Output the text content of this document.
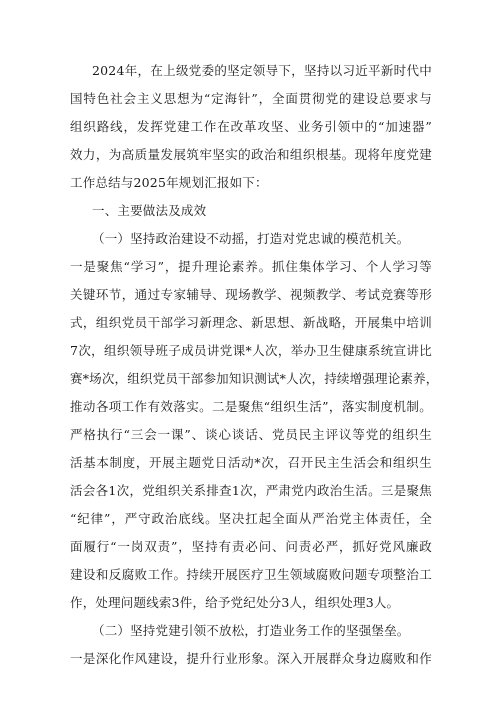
2024年，在上级党委的坚定领导下，坚持以习近平新时代中
国特色社会主义思想为“定海针”，全面贯彻党的建设总要求与
组织路线，发挥党建工作在改革攻坚、业务引领中的“加速器”
效力，为高质量发展筑牢坚实的政治和组织根基。现将年度党建
工作总结与2025年规划汇报如下：
一、主要做法及成效
（一）坚持政治建设不动摇，打造对党忠诚的模范机关。
一是聚焦“学习”，提升理论素养。抓住集体学习、个人学习等
关键环节，通过专家辅导、现场教学、视频教学、考试竞赛等形
式，组织党员干部学习新理念、新思想、新战略，开展集中培训
7次，组织领导班子成员讲党课*人次，举办卫生健康系统宣讲比
赛*场次，组织党员干部参加知识测试*人次，持续增强理论素养，
推动各项工作有效落实。二是聚焦“组织生活”，落实制度机制。
严格执行“三会一课”、谈心谈话、党员民主评议等党的组织生
活基本制度，开展主题党日活动*次，召开民主生活会和组织生
活会各1次，党组织关系排查1次，严肃党内政治生活。三是聚焦
“纪律”，严守政治底线。坚决扛起全面从严治党主体责任，全
面履行“一岗双责”，坚持有责必问、问责必严，抓好党风廉政
建设和反腐败工作。持续开展医疗卫生领域腐败问题专项整治工
作，处理问题线索3件，给予党纪处分3人，组织处理3人。
（二）坚持党建引领不放松，打造业务工作的坚强堡垒。
一是深化作风建设，提升行业形象。深入开展群众身边腐败和作
